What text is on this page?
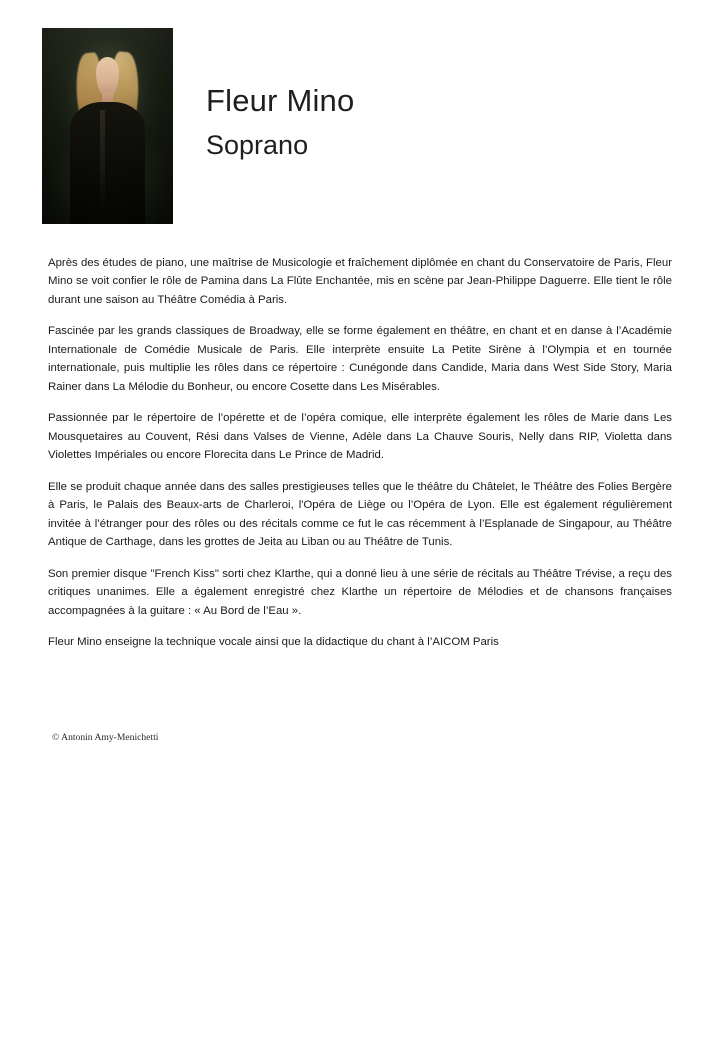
Fleur Mino
Soprano

Après des études de piano, une maîtrise de Musicologie et fraîchement diplômée en chant du Conservatoire de Paris, Fleur Mino se voit confier le rôle de Pamina dans La Flûte Enchantée, mis en scène par Jean-Philippe Daguerre. Elle tient le rôle durant une saison au Théâtre Comédia à Paris.

Fascinée par les grands classiques de Broadway, elle se forme également en théâtre, en chant et en danse à l’Académie Internationale de Comédie Musicale de Paris. Elle interprète ensuite La Petite Sirène à l’Olympia et en tournée internationale, puis multiplie les rôles dans ce répertoire : Cunégonde dans Candide, Maria dans West Side Story, Maria Rainer dans La Mélodie du Bonheur, ou encore Cosette dans Les Misérables.

Passionnée par le répertoire de l’opérette et de l’opéra comique, elle interprète également les rôles de Marie dans Les Mousquetaires au Couvent, Rési dans Valses de Vienne, Adèle dans La Chauve Souris, Nelly dans RIP, Violetta dans Violettes Impériales ou encore Florecita dans Le Prince de Madrid.

Elle se produit chaque année dans des salles prestigieuses telles que le théâtre du Châtelet, le Théâtre des Folies Bergère à Paris, le Palais des Beaux-arts de Charleroi, l'Opéra de Liège ou l’Opéra de Lyon. Elle est également régulièrement invitée à l’étranger pour des rôles ou des récitals comme ce fut le cas récemment à l’Esplanade de Singapour, au Théâtre Antique de Carthage, dans les grottes de Jeita au Liban ou au Théâtre de Tunis.

Son premier disque "French Kiss" sorti chez Klarthe, qui a donné lieu à une série de récitals au Théâtre Trévise, a reçu des critiques unanimes. Elle a également enregistré chez Klarthe un répertoire de Mélodies et de chansons françaises accompagnées à la guitare : « Au Bord de l’Eau ».

Fleur Mino enseigne la technique vocale ainsi que la didactique du chant à l’AICOM Paris

© Antonin Amy-Menichetti
